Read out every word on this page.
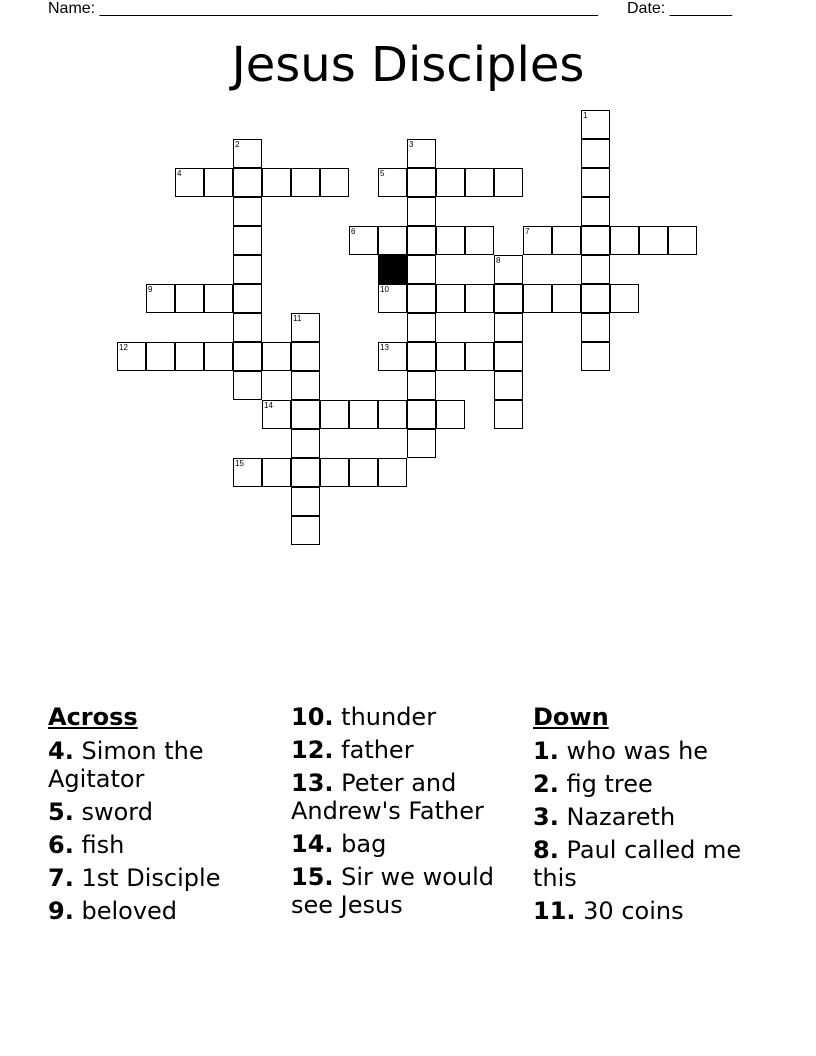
Name: ________________________________________________________ Date: _______
Jesus Disciples
1
2	3
4	5
6	7
8
9	10
11
12	13
14
15
Across
4. Simon the Agitator
5. sword
6. fish
7. 1st Disciple
9. beloved
10. thunder
12. father
13. Peter and Andrew's Father
14. bag
15. Sir we would see Jesus
Down
1. who was he
2. fig tree
3. Nazareth
8. Paul called me this
11. 30 coins
